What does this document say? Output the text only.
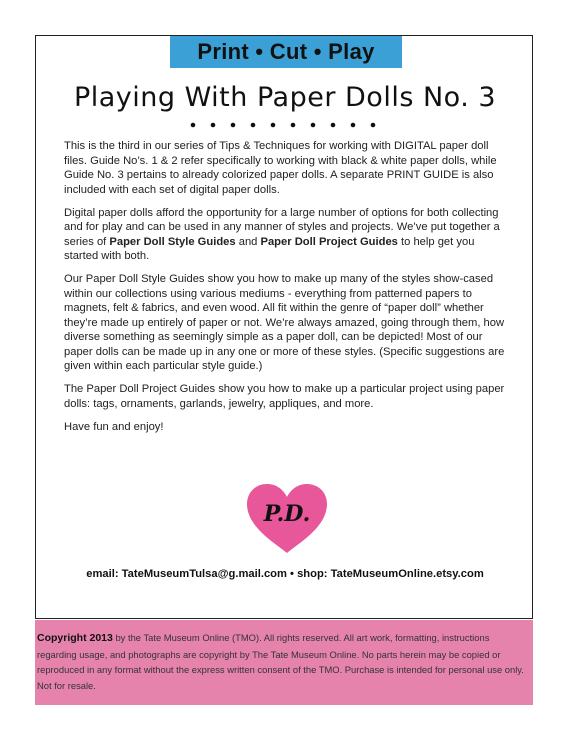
Print • Cut • Play
Playing With Paper Dolls No. 3

This is the third in our series of Tips & Techniques for working with DIGITAL paper doll files. Guide No’s. 1 & 2 refer specifically to working with black & white paper dolls, while Guide No. 3 pertains to already colorized paper dolls. A separate PRINT GUIDE is also included with each set of digital paper dolls.

Digital paper dolls afford the opportunity for a large number of options for both collecting and for play and can be used in any manner of styles and projects. We’ve put together a series of Paper Doll Style Guides and Paper Doll Project Guides to help get you started with both.

Our Paper Doll Style Guides show you how to make up many of the styles show-cased within our collections using various mediums - everything from patterned papers to magnets, felt & fabrics, and even wood. All fit within the genre of “paper doll” whether they’re made up entirely of paper or not. We’re always amazed, going through them, how diverse something as seemingly simple as a paper doll, can be depicted! Most of our paper dolls can be made up in any one or more of these styles. (Specific suggestions are given within each particular style guide.)

The Paper Doll Project Guides show you how to make up a particular project using paper dolls: tags, ornaments, garlands, jewelry, appliques, and more.

Have fun and enjoy!

P.D.
email: TateMuseumTulsa@g.mail.com • shop: TateMuseumOnline.etsy.com
Copyright 2013 by the Tate Museum Online (TMO). All rights reserved. All art work, formatting, instructions regarding usage, and photographs are copyright by The Tate Museum Online. No parts herein may be copied or reproduced in any format without the express written consent of the TMO. Purchase is intended for personal use only. Not for resale.
